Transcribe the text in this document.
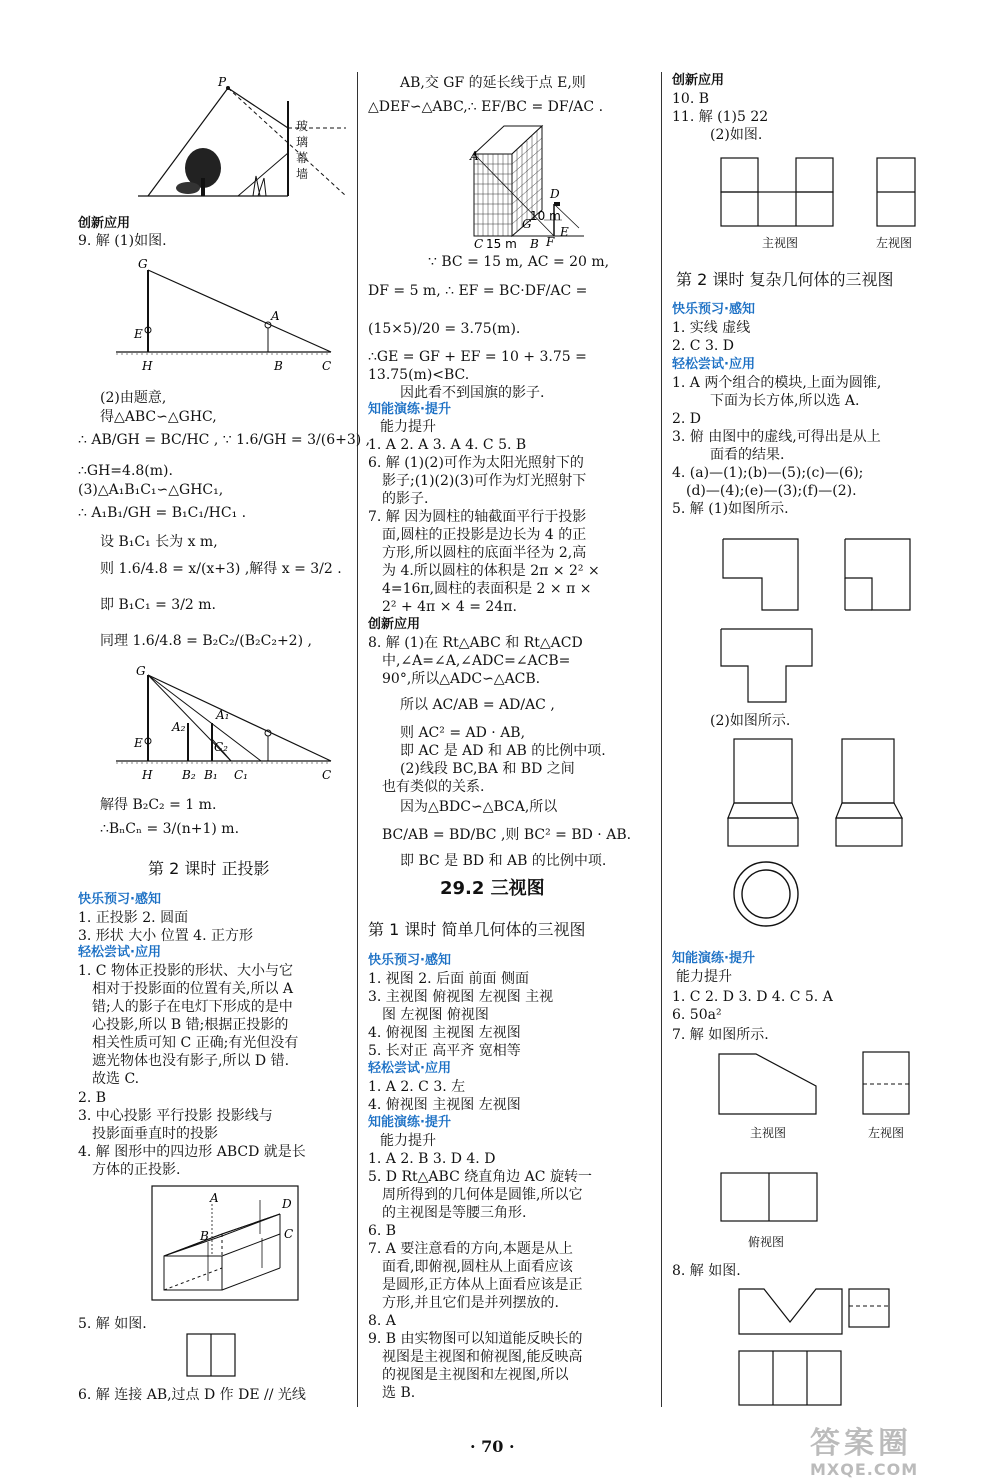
P
玻
璃
幕
墙
创新应用
9. 解 (1)如图.
G
E
A
H	B	C
(2)由题意,
得△ABC∽△GHC,
∴ AB/GH = BC/HC , ∵ 1.6/GH = 3/(6+3) ,
∴GH=4.8(m).
(3)△A₁B₁C₁∽△GHC₁,
∴ A₁B₁/GH = B₁C₁/HC₁ .
设 B₁C₁ 长为 x m,
则 1.6/4.8 = x/(x+3) ,解得 x = 3/2 .
即 B₁C₁ = 3/2 m.
同理 1.6/4.8 = B₂C₂/(B₂C₂+2) ,
G
A₂
A₁
C₂
E
H B₂ B₁ C₁	C
解得 B₂C₂ = 1 m.
∴BₙCₙ = 3/(n+1) m.
第 2 课时 正投影
快乐预习·感知
1. 正投影 2. 圆面
3. 形状 大小 位置 4. 正方形
轻松尝试·应用
1. C 物体正投影的形状、大小与它
相对于投影面的位置有关,所以 A
错;人的影子在电灯下形成的是中
心投影,所以 B 错;根据正投影的
相关性质可知 C 正确;有光但没有
遮光物体也没有影子,所以 D 错.
故选 C.
2. B
3. 中心投影 平行投影 投影线与
投影面垂直时的投影
4. 解 图形中的四边形 ABCD 就是长
方体的正投影.
A
B	C
D
5. 解 如图.
6. 解 连接 AB,过点 D 作 DE // 光线
AB,交 GF 的延长线于点 E,则
△DEF∽△ABC,∴ EF/BC = DF/AC .
A
D
G
F
E
C	B
10 m
15 m
∵ BC = 15 m, AC = 20 m,
DF = 5 m, ∴ EF = BC·DF/AC =
(15×5)/20 = 3.75(m).
∴GE = GF + EF = 10 + 3.75 =
13.75(m)<BC.
因此看不到国旗的影子.
知能演练·提升
能力提升
1. A 2. A 3. A 4. C 5. B
6. 解 (1)(2)可作为太阳光照射下的
影子;(1)(2)(3)可作为灯光照射下
的影子.
7. 解 因为圆柱的轴截面平行于投影
面,圆柱的正投影是边长为 4 的正
方形,所以圆柱的底面半径为 2,高
为 4.所以圆柱的体积是 2π × 2² ×
4=16π,圆柱的表面积是 2 × π ×
2² + 4π × 4 = 24π.
创新应用
8. 解 (1)在 Rt△ABC 和 Rt△ACD
中,∠A=∠A,∠ADC=∠ACB=
90°,所以△ADC∽△ACB.
所以 AC/AB = AD/AC ,
则 AC² = AD · AB,
即 AC 是 AD 和 AB 的比例中项.
(2)线段 BC,BA 和 BD 之间
也有类似的关系.
因为△BDC∽△BCA,所以
BC/AB = BD/BC ,则 BC² = BD · AB.
即 BC 是 BD 和 AB 的比例中项.
29.2 三视图
第 1 课时 简单几何体的三视图
快乐预习·感知
1. 视图 2. 后面 前面 侧面
3. 主视图 俯视图 左视图 主视
图 左视图 俯视图
4. 俯视图 主视图 左视图
5. 长对正 高平齐 宽相等
轻松尝试·应用
1. A 2. C 3. 左
4. 俯视图 主视图 左视图
知能演练·提升
能力提升
1. A 2. B 3. D 4. D
5. D Rt△ABC 绕直角边 AC 旋转一
周所得到的几何体是圆锥,所以它
的主视图是等腰三角形.
6. B
7. A 要注意看的方向,本题是从上
面看,即俯视,圆柱从上面看应该
是圆形,正方体从上面看应该是正
方形,并且它们是并列摆放的.
8. A
9. B 由实物图可以知道能反映长的
视图是主视图和俯视图,能反映高
的视图是主视图和左视图,所以
选 B.
创新应用
10. B
11. 解 (1)5 22
(2)如图.
主视图	左视图
第 2 课时 复杂几何体的三视图
快乐预习·感知
1. 实线 虚线
2. C 3. D
轻松尝试·应用
1. A 两个组合的模块,上面为圆锥,
下面为长方体,所以选 A.
2. D
3. 俯 由图中的虚线,可得出是从上
面看的结果.
4. (a)—(1);(b)—(5);(c)—(6);
(d)—(4);(e)—(3);(f)—(2).
5. 解 (1)如图所示.
(2)如图所示.
知能演练·提升
能力提升
1. C 2. D 3. D 4. C 5. A
6. 50a²
7. 解 如图所示.
主视图	左视图
俯视图
8. 解 如图.
· 70 ·	答案圈
MXQE.COM
